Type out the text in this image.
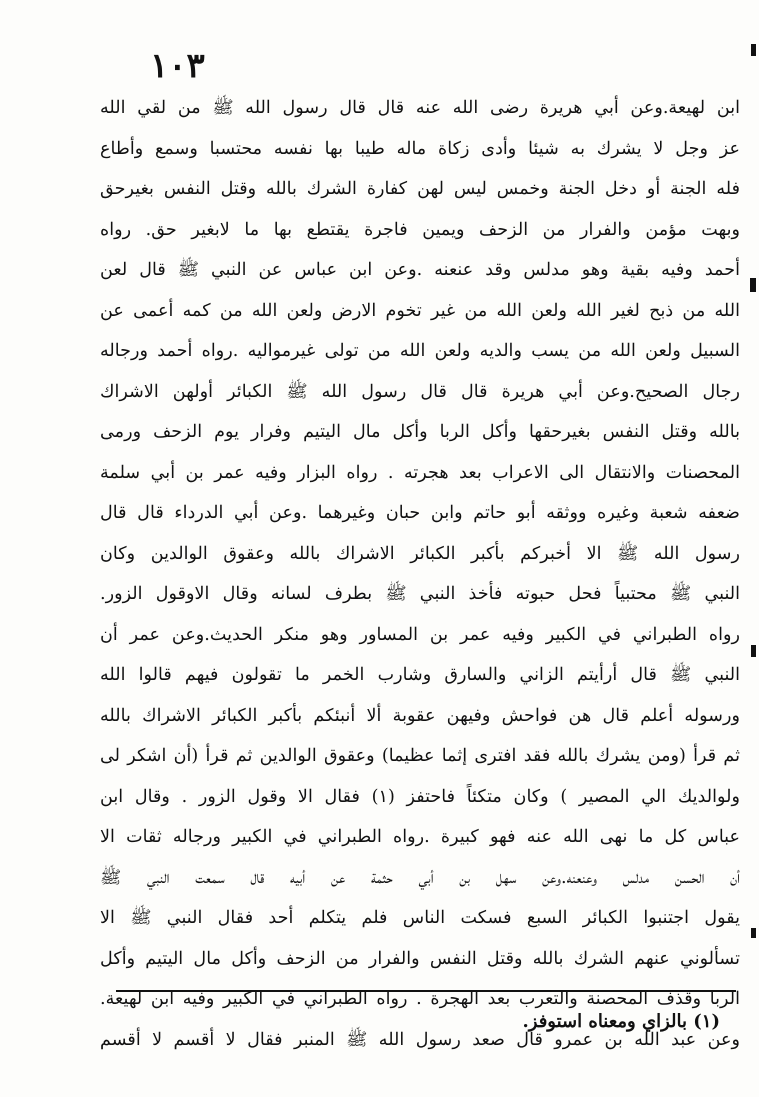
١٠٣
ابن لهيعة.وعن أبي هريرة رضى الله عنه قال قال رسول الله ﷺ من لقي الله
عز وجل لا يشرك به شيئا وأدى زكاة ماله طيبا بها نفسه محتسبا وسمع وأطاع
فله الجنة أو دخل الجنة وخمس ليس لهن كفارة الشرك بالله وقتل النفس بغيرحق
وبهت مؤمن والفرار من الزحف ويمين فاجرة يقتطع بها ما لابغير حق. رواه
أحمد وفيه بقية وهو مدلس وقد عنعنه .وعن ابن عباس عن النبي ﷺ قال لعن
الله من ذبح لغير الله ولعن الله من غير تخوم الارض ولعن الله من كمه أعمى عن
السبيل ولعن الله من يسب والديه ولعن الله من تولى غيرمواليه .رواه أحمد ورجاله
رجال الصحيح.وعن أبي هريرة قال قال رسول الله ﷺ الكبائر أولهن الاشراك
بالله وقتل النفس بغيرحقها وأكل الربا وأكل مال اليتيم وفرار يوم الزحف ورمى
المحصنات والانتقال الى الاعراب بعد هجرته . رواه البزار وفيه عمر بن أبي سلمة
ضعفه شعبة وغيره ووثقه أبو حاتم وابن حبان وغيرهما .وعن أبي الدرداء قال قال
رسول الله ﷺ الا أخبركم بأكبر الكبائر الاشراك بالله وعقوق الوالدين وكان
النبي ﷺ محتبياً فحل حبوته فأخذ النبي ﷺ بطرف لسانه وقال الاوقول الزور.
رواه الطبراني في الكبير وفيه عمر بن المساور وهو منكر الحديث.وعن عمر أن
النبي ﷺ قال أرأيتم الزاني والسارق وشارب الخمر ما تقولون فيهم قالوا الله
ورسوله أعلم قال هن فواحش وفيهن عقوبة ألا أنبئكم بأكبر الكبائر الاشراك بالله
ثم قرأ (ومن يشرك بالله فقد افترى إثما عظيما) وعقوق الوالدين ثم قرأ (أن اشكر لى
ولوالديك الي المصير ) وكان متكئاً فاحتفز (١) فقال الا وقول الزور . وقال ابن
عباس كل ما نهى الله عنه فهو كبيرة .رواه الطبراني في الكبير ورجاله ثقات الا
أن الحسن مدلس وعنعنه.وعن سهل بن أبي حثمة عن أبيه قال سمعت النبي ﷺ
يقول اجتنبوا الكبائر السبع فسكت الناس فلم يتكلم أحد فقال النبي ﷺ الا
تسألوني عنهم الشرك بالله وقتل النفس والفرار من الزحف وأكل مال اليتيم وأكل
الربا وقذف المحصنة والتعرب بعد الهجرة . رواه الطبراني في الكبير وفيه ابن لهيعة.
وعن عبد الله بن عمرو قال صعد رسول الله ﷺ المنبر فقال لا أقسم لا أقسم
(١) بالزاي ومعناه استوفز.
